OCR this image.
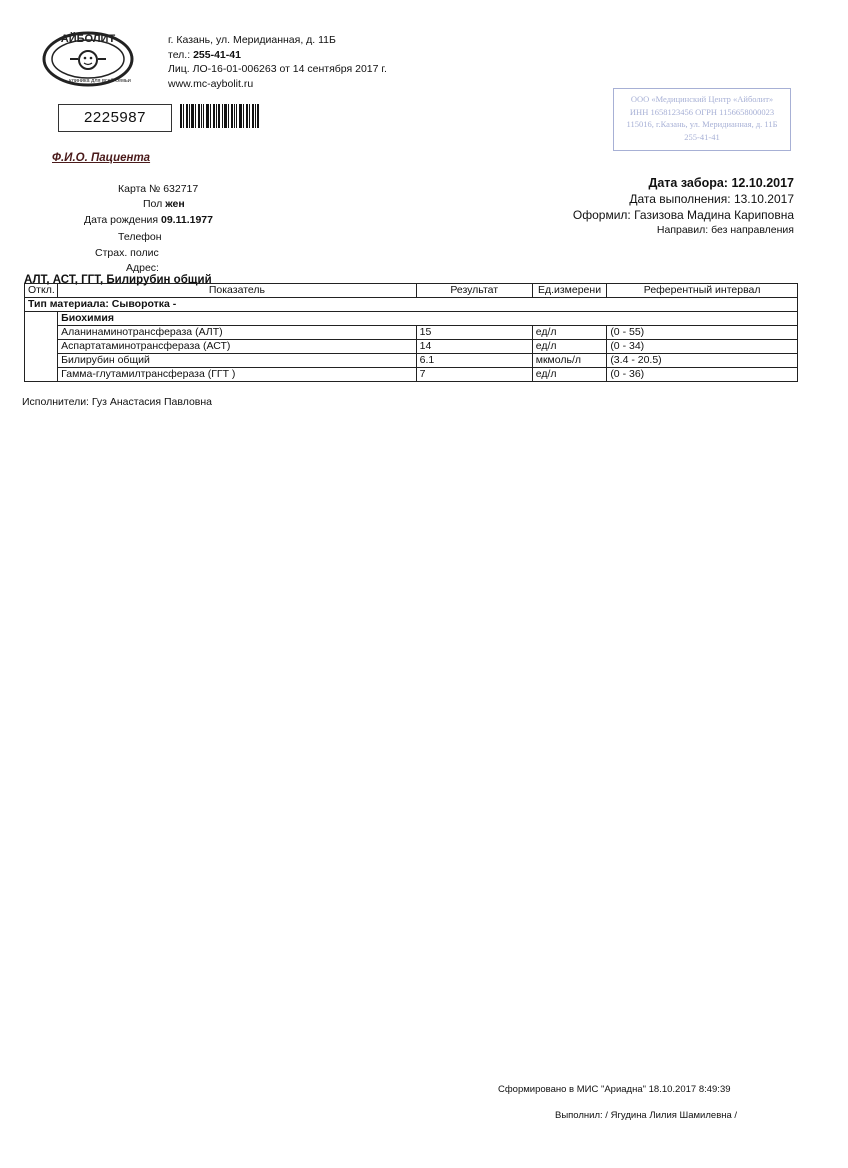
АЙБОЛИТ
клиника для всей семьи
г. Казань, ул. Меридианная, д. 11Б
тел.: 255-41-41
Лиц. ЛО-16-01-006263 от 14 сентября 2017 г.
www.mc-aybolit.ru
2225987
ООО «Медицинский Центр «Айболит»
ИНН 1658123456 ОГРН 1156658000023
115016, г.Казань, ул. Меридианная, д. 11Б
255-41-41
Ф.И.О. Пациента
Карта № 632717
Пол жен
Дата рождения 09.11.1977
Телефон
Страх. полис
Адрес:
Дата забора: 12.10.2017
Дата выполнения: 13.10.2017
Оформил: Газизова Мадина Кариповна
Направил: без направления
АЛТ, АСТ, ГГТ, Билирубин общий
Откл.	Показатель	Результат	Ед.измерени	Референтный интервал
Тип материала: Сыворотка -				
	Биохимия			
	Аланинаминотрансфераза (АЛТ)	15	ед/л	(0 - 55)
	Аспартатаминотрансфераза (АСТ)	14	ед/л	(0 - 34)
	Билирубин общий	6.1	мкмоль/л	(3.4 - 20.5)
	Гамма-глутамилтрансфераза (ГГТ )	7	ед/л	(0 - 36)
Исполнители: Гуз Анастасия Павловна
Сформировано в МИС "Ариадна" 18.10.2017 8:49:39
Выполнил: / Ягудина Лилия Шамилевна /
